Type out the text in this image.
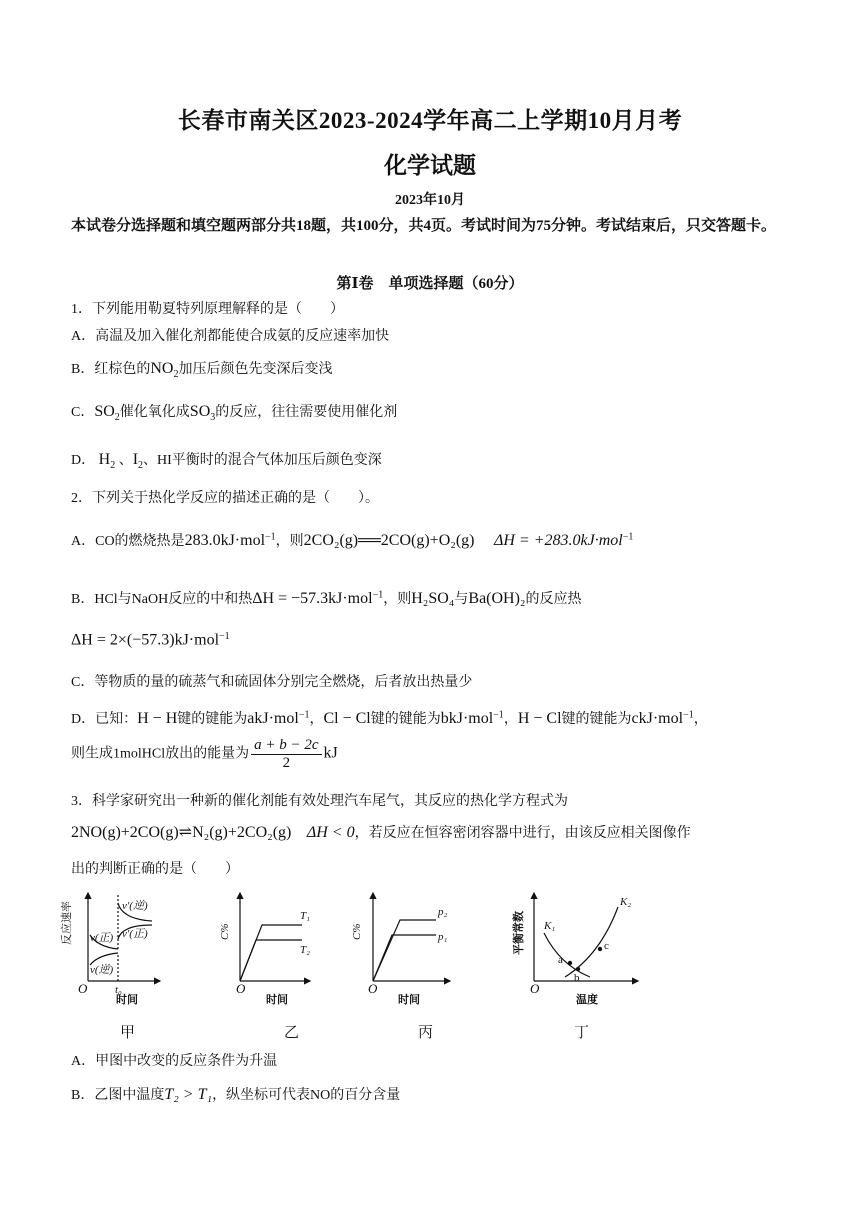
长春市南关区2023-2024学年高二上学期10月月考
化学试题
2023年10月
本试卷分选择题和填空题两部分共18题，共100分，共4页。考试时间为75分钟。考试结束后，只交答题卡。
第Ⅰ卷　单项选择题（60分）
1．下列能用勒夏特列原理解释的是（　　）
A．高温及加入催化剂都能使合成氨的反应速率加快
B．红棕色的$NO_2$加压后颜色先变深后变浅
C．$SO_2$催化氧化成$SO_3$的反应，往往需要使用催化剂
D． $H_2$ 、$I_2$、HI平衡时的混合气体加压后颜色变深
2．下列关于热化学反应的描述正确的是（　　）。
A．CO的燃烧热是283.0kJ·mol$^{-1}$，则2CO₂(g)══2CO(g)+O₂(g) ΔH = +283.0kJ·mol$^{-1}$
B．HCl与NaOH反应的中和热ΔH = −57.3kJ·mol$^{-1}$，则H₂SO₄与Ba(OH)₂的反应热
ΔH = 2×(−57.3)kJ·mol$^{-1}$
C．等物质的量的硫蒸气和硫固体分别完全燃烧，后者放出热量少
D．已知：H − H键的键能为akJ·mol$^{-1}$，Cl − Cl键的键能为bkJ·mol$^{-1}$，H − Cl键的键能为ckJ·mol$^{-1}$，
则生成1molHCl放出的能量为 $\frac{a + b - 2c}{2}$ kJ
3．科学家研究出一种新的催化剂能有效处理汽车尾气，其反应的热化学方程式为
2NO(g)+2CO(g)⇌N₂(g)+2CO₂(g) ΔH < 0，若反应在恒容密闭容器中进行，由该反应相关图像作
出的判断正确的是（　　）
反应速率	v′(逆)
v′(正)
v(正)
v(逆)
t₀
O
时间
C%
T₁
T₂
O
时间
C%
p₂
p₁
O
时间
平衡常数 K₁
K₂
a
b
c
O
温度
甲	乙	丙	丁
A．甲图中改变的反应条件为升温
B．乙图中温度T₂ > T₁，纵坐标可代表NO的百分含量
